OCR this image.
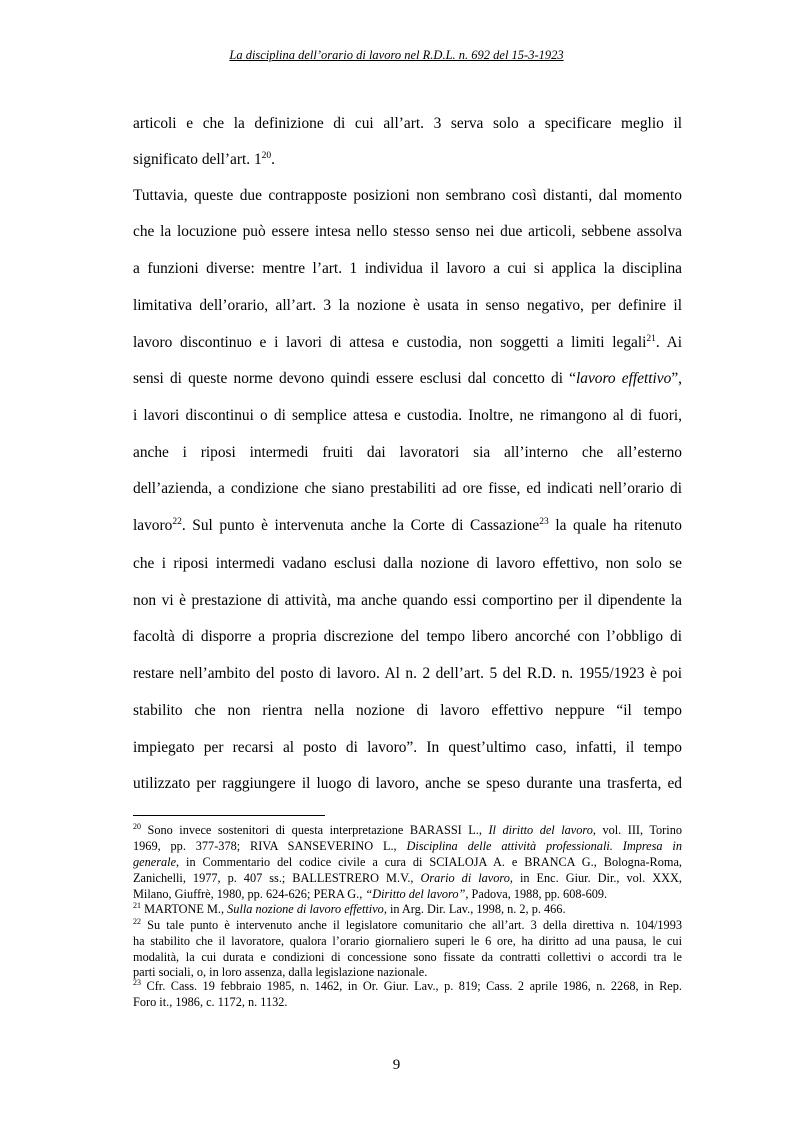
La disciplina dell’orario di lavoro nel R.D.L. n. 692 del 15-3-1923
articoli e che la definizione di cui all’art. 3 serva solo a specificare meglio il
significato dell’art. $1^{20}$.
Tuttavia, queste due contrapposte posizioni non sembrano così distanti, dal momento
che la locuzione può essere intesa nello stesso senso nei due articoli, sebbene assolva
a funzioni diverse: mentre l’art. 1 individua il lavoro a cui si applica la disciplina
limitativa dell’orario, all’art. 3 la nozione è usata in senso negativo, per definire il
lavoro discontinuo e i lavori di attesa e custodia, non soggetti a limiti legali$^{21}$. Ai
sensi di queste norme devono quindi essere esclusi dal concetto di “lavoro effettivo”,
i lavori discontinui o di semplice attesa e custodia. Inoltre, ne rimangono al di fuori,
anche i riposi intermedi fruiti dai lavoratori sia all’interno che all’esterno
dell’azienda, a condizione che siano prestabiliti ad ore fisse, ed indicati nell’orario di
lavoro$^{22}$. Sul punto è intervenuta anche la Corte di Cassazione$^{23}$ la quale ha ritenuto
che i riposi intermedi vadano esclusi dalla nozione di lavoro effettivo, non solo se
non vi è prestazione di attività, ma anche quando essi comportino per il dipendente la
facoltà di disporre a propria discrezione del tempo libero ancorché con l’obbligo di
restare nell’ambito del posto di lavoro. Al n. 2 dell’art. 5 del R.D. n. 1955/1923 è poi
stabilito che non rientra nella nozione di lavoro effettivo neppure “il tempo
impiegato per recarsi al posto di lavoro”. In quest’ultimo caso, infatti, il tempo
utilizzato per raggiungere il luogo di lavoro, anche se speso durante una trasferta, ed
$^{20}$ Sono invece sostenitori di questa interpretazione BARASSI L., Il diritto del lavoro, vol. III, Torino
1969, pp. 377-378; RIVA SANSEVERINO L., Disciplina delle attività professionali. Impresa in
generale, in Commentario del codice civile a cura di SCIALOJA A. e BRANCA G., Bologna-Roma,
Zanichelli, 1977, p. 407 ss.; BALLESTRERO M.V., Orario di lavoro, in Enc. Giur. Dir., vol. XXX,
Milano, Giuffrè, 1980, pp. 624-626; PERA G., “Diritto del lavoro”, Padova, 1988, pp. 608-609.
$^{21}$ MARTONE M., Sulla nozione di lavoro effettivo, in Arg. Dir. Lav., 1998, n. 2, p. 466.
$^{22}$ Su tale punto è intervenuto anche il legislatore comunitario che all’art. 3 della direttiva n. 104/1993
ha stabilito che il lavoratore, qualora l’orario giornaliero superi le 6 ore, ha diritto ad una pausa, le cui
modalità, la cui durata e condizioni di concessione sono fissate da contratti collettivi o accordi tra le
parti sociali, o, in loro assenza, dalla legislazione nazionale.
$^{23}$ Cfr. Cass. 19 febbraio 1985, n. 1462, in Or. Giur. Lav., p. 819; Cass. 2 aprile 1986, n. 2268, in Rep.
Foro it., 1986, c. 1172, n. 1132.
9
